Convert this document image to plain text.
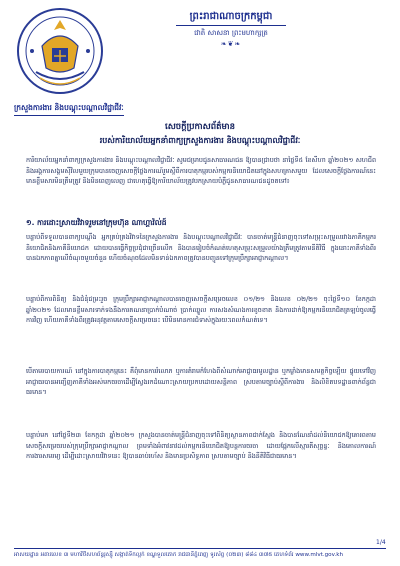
ព្រះរាជាណាចក្រកម្ពុជា
ជាតិ សាសនា ព្រះមហាក្សត្រ
❧❦❧
ក្រសួងការងារ និងបណ្តុះបណ្តាលវិជ្ជាជីវៈ
សេចក្តីប្រកាសព័ត៌មាន
របស់ការិយាល័យអ្នកនាំពាក្យក្រសួងការងារ និងបណ្តុះបណ្តាលវិជ្ជាជីវៈ
ការិយាល័យអ្នកនាំពាក្យក្រសួងការងារ និងបណ្តុះបណ្តាលវិជ្ជាជីវៈ សូមជម្រាបជូនសាធារណជន ឱ្យបានជ្រាបថា នាថ្ងៃទី៥ ខែសីហា ឆ្នាំ២០២១ សហជីពនិងអង្គការសង្គមស៊ីវិលមួយក្រុមបានចេញសេចក្តីថ្លែងការណ៍រួមស្តីពីការបាតុកម្មរបស់កម្មករនិយោជិតនៅក្នុងសហគ្រាសមួយ ដែលសេចក្តីថ្លែងការណ៍នេះមានខ្លឹមសារមិនត្រឹមត្រូវ និងមិនពេញលេញ ជាហេតុធ្វើឱ្យការិយាល័យត្រូវបកស្រាយបំភ្លឺជូនសាធារណជនដូចតទៅ៖
១. ការដោះស្រាយវិវាទរួមនៅក្រុមហ៊ុន ណាហ្គាវ៉ល់ដ៍
បន្ទាប់ពីទទួលបានពាក្យបណ្តឹង អ្នកគ្រប់គ្រងវិវាទនៃក្រសួងការងារ និងបណ្តុះបណ្តាលវិជ្ជាជីវៈ បានចាត់មន្ត្រីជំនាញចុះទៅសម្រុះសម្រួលរវាងភាគីកម្មករនិយោជិតនិងភាគីនិយោជក ដោយបានធ្វើកិច្ចប្រជុំជាច្រើនលើក និងបានរៀបចំកំណត់ហេតុសម្រុះសម្រួលយ៉ាងត្រឹមត្រូវតាមនីតិវិធី ក្នុងនោះភាគីទាំងពីរបានឯកភាពគ្នាលើចំណុចមួយចំនួន ហើយចំណុចដែលមិនទាន់ឯកភាពត្រូវបានបញ្ជូនទៅក្រុមប្រឹក្សាអាជ្ញាកណ្តាល។
បន្ទាប់ពីការពិនិត្យ និងជំនុំជម្រះរួច ក្រុមប្រឹក្សាអាជ្ញាកណ្តាលបានចេញសេចក្តីសម្រេចលេខ ០១/២១ និងលេខ ០២/២១ ចុះថ្ងៃទី១០ ខែកក្កដា ឆ្នាំ២០២១ ដែលមានខ្លឹមសារទាក់ទងនឹងការគណនាប្រាក់បំណាច់ ប្រាក់ឈ្នួល ការសងសំណងការខូចខាត និងការដាក់ឱ្យកម្មករនិយោជិតត្រឡប់ចូលធ្វើការវិញ ហើយភាគីទាំងពីរត្រូវអនុវត្តតាមសេចក្តីសម្រេចនេះ បើមិនមានការជំទាស់ក្នុងរយៈពេលកំណត់ទេ។
បើតាមរបាយការណ៍ នៅក្នុងការបាតុកម្មនេះ គឺពុំមានការរំលោភ ឬការគំរាមកំហែងពីសំណាក់អាជ្ញាធរមូលដ្ឋាន ឬកម្លាំងមានសមត្ថកិច្ចឡើយ ផ្ទុយទៅវិញ អាជ្ញាធរបានអញ្ជើញភាគីទាំងអស់មកចរចាដើម្បីស្វែងរកដំណោះស្រាយប្រកបដោយសន្តិភាព ស្របតាមច្បាប់ស្តីពីការងារ និងលិខិតបទដ្ឋានពាក់ព័ន្ធជាធរមាន។
បន្ទាប់មក នៅថ្ងៃទី២៣ ខែកក្កដា ឆ្នាំ២០២១ ក្រសួងបានចាត់មន្ត្រីជំនាញចុះទៅពិនិត្យស្ថានភាពជាក់ស្តែង និងបានណែនាំដល់និយោជកឱ្យគោរពតាមសេចក្តីសម្រេចរបស់ក្រុមប្រឹក្សាអាជ្ញាកណ្តាល ព្រមទាំងអំពាវនាវដល់កម្មករនិយោជិតឱ្យបន្តការចរចា ដោយផ្អែកលើស្មារតីសុច្ឆន្ទៈ និងគោលការណ៍ការងារសមរម្យ ដើម្បីដោះស្រាយវិវាទនេះ ឱ្យបានឆាប់រហ័ស និងមានប្រសិទ្ធភាព ស្របតាមច្បាប់ និងនីតិវិធីជាធរមាន។
1/4
អាសយដ្ឋាន អគារលេខ ៣ មហាវិថីសហព័ន្ធរុស្ស៊ី សង្កាត់ទឹកល្អក់ ខណ្ឌទួលគោក រាជធានីភ្នំពេញ ទូរស័ព្ទ (០២៣) ៨៨៤ ៣៧៥ គេហទំព័រ www.mlvt.gov.kh
